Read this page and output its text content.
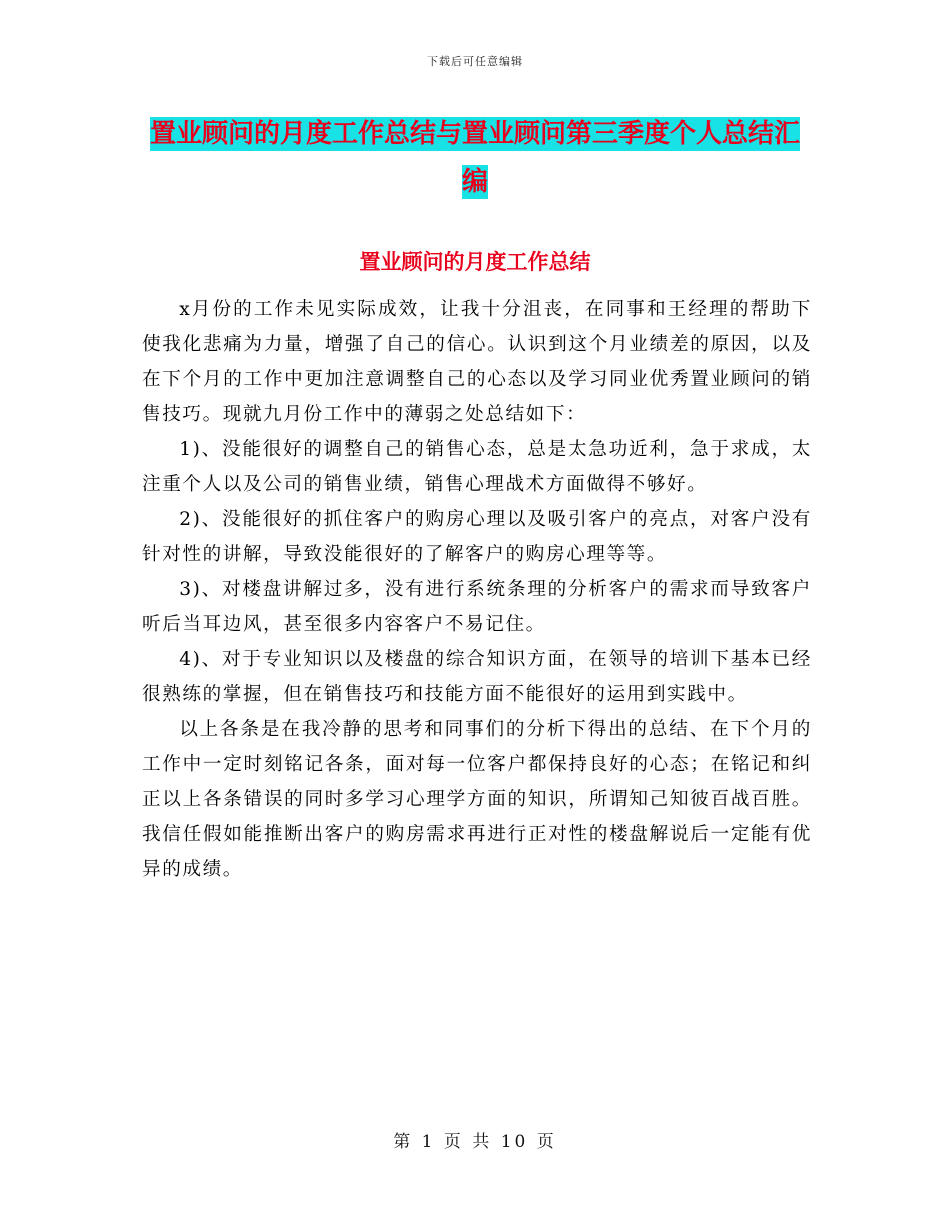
下载后可任意编辑
置业顾问的月度工作总结与置业顾问第三季度个人总结汇编
置业顾问的月度工作总结

x月份的工作未见实际成效，让我十分沮丧，在同事和王经理的帮助下使我化悲痛为力量，增强了自己的信心。认识到这个月业绩差的原因，以及在下个月的工作中更加注意调整自己的心态以及学习同业优秀置业顾问的销售技巧。现就九月份工作中的薄弱之处总结如下：

1)、没能很好的调整自己的销售心态，总是太急功近利，急于求成，太注重个人以及公司的销售业绩，销售心理战术方面做得不够好。

2)、没能很好的抓住客户的购房心理以及吸引客户的亮点，对客户没有针对性的讲解，导致没能很好的了解客户的购房心理等等。

3)、对楼盘讲解过多，没有进行系统条理的分析客户的需求而导致客户听后当耳边风，甚至很多内容客户不易记住。

4)、对于专业知识以及楼盘的综合知识方面，在领导的培训下基本已经很熟练的掌握，但在销售技巧和技能方面不能很好的运用到实践中。

以上各条是在我冷静的思考和同事们的分析下得出的总结、在下个月的工作中一定时刻铭记各条，面对每一位客户都保持良好的心态；在铭记和纠正以上各条错误的同时多学习心理学方面的知识，所谓知己知彼百战百胜。我信任假如能推断出客户的购房需求再进行正对性的楼盘解说后一定能有优异的成绩。

第 1 页 共 10 页
